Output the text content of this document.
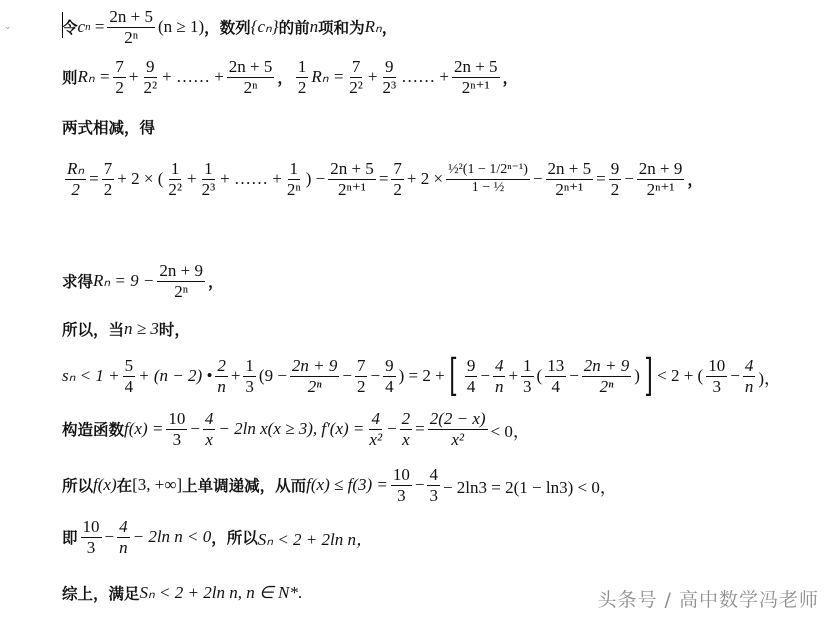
⌄	令 c $n = \frac{2n + 5}{\text{2ⁿ}} (n \ge 1)$ ，数列 {cₙ} 的前 n 项和为 Rₙ ，
则 $R_n = \frac{7}{2} + \frac{9}{\text{2²}}$ + …… + $\frac{2n + 5}{\text{2ⁿ}}$ ， $\frac{1}{2}$ $R_n = \frac{7}{\text{2²}} + \frac{9}{\text{2³}}$ …… + $\frac{2n + 5}{\text{2ⁿ⁺¹}}$ ，
两式相减，得
$\frac{\text{Rₙ}}{2} = \frac{7}{2} + 2$ × ( $\frac{1}{\text{2²}} + \frac{1}{\text{2³}}$ + …… + $\frac{1}{\text{2ⁿ}}$ ) − $\frac{2n + 5}{\text{2ⁿ⁺¹}} = \frac{7}{2} + 2 \times \frac{\text{½²(1 − 1/2ⁿ⁻¹)}}{\text{1 − ½}} - \frac{2n + 5}{\text{2ⁿ⁺¹}} = \frac{9}{2} - \frac{2n + 9}{\text{2ⁿ⁺¹}}$ ，
求得 $R_n = 9 - \frac{2n + 9}{\text{2ⁿ}}$ ，
所以，当 n ≥ 3 时，
$s_n < 1 + \frac{5}{4} + (n - 2)$ • $\frac{2}{n} + \frac{1}{3} (9 - \frac{2n + 9}{\text{2ⁿ}} - \frac{7}{2} - \frac{9}{4}$ ) = 2 + [ $\frac{9}{4} - \frac{4}{n} + \frac{1}{3}$ ( $\frac{13}{4} - \frac{2n + 9}{\text{2ⁿ}}$ ) ] < 2 + ( $\frac{10}{3} - \frac{4}{n}$ )，
构造函数 $f(x) = \frac{10}{3} - \frac{4}{x} - 2\ln$ x(x ≥ 3), $f'(x) = \frac{4}{\text{x²}} - \frac{2}{x} = \frac{2(2 - x)}{\text{x²}} < 0$，
所以 f(x) 在 [3, +∞] 上单调递减，从而 $f(x) \le f(3) = \frac{10}{3} - \frac{4}{3} - 2\ln 3 = 2(1 - \ln 3) < 0$，
即 $\frac{10}{3} - \frac{4}{n} - 2\ln$ n < 0 ，所以 Sₙ < 2 + 2ln n，
综上，满足 Sₙ < 2 + 2ln n, n ∈ N* .	头条号 / 高中数学冯老师
